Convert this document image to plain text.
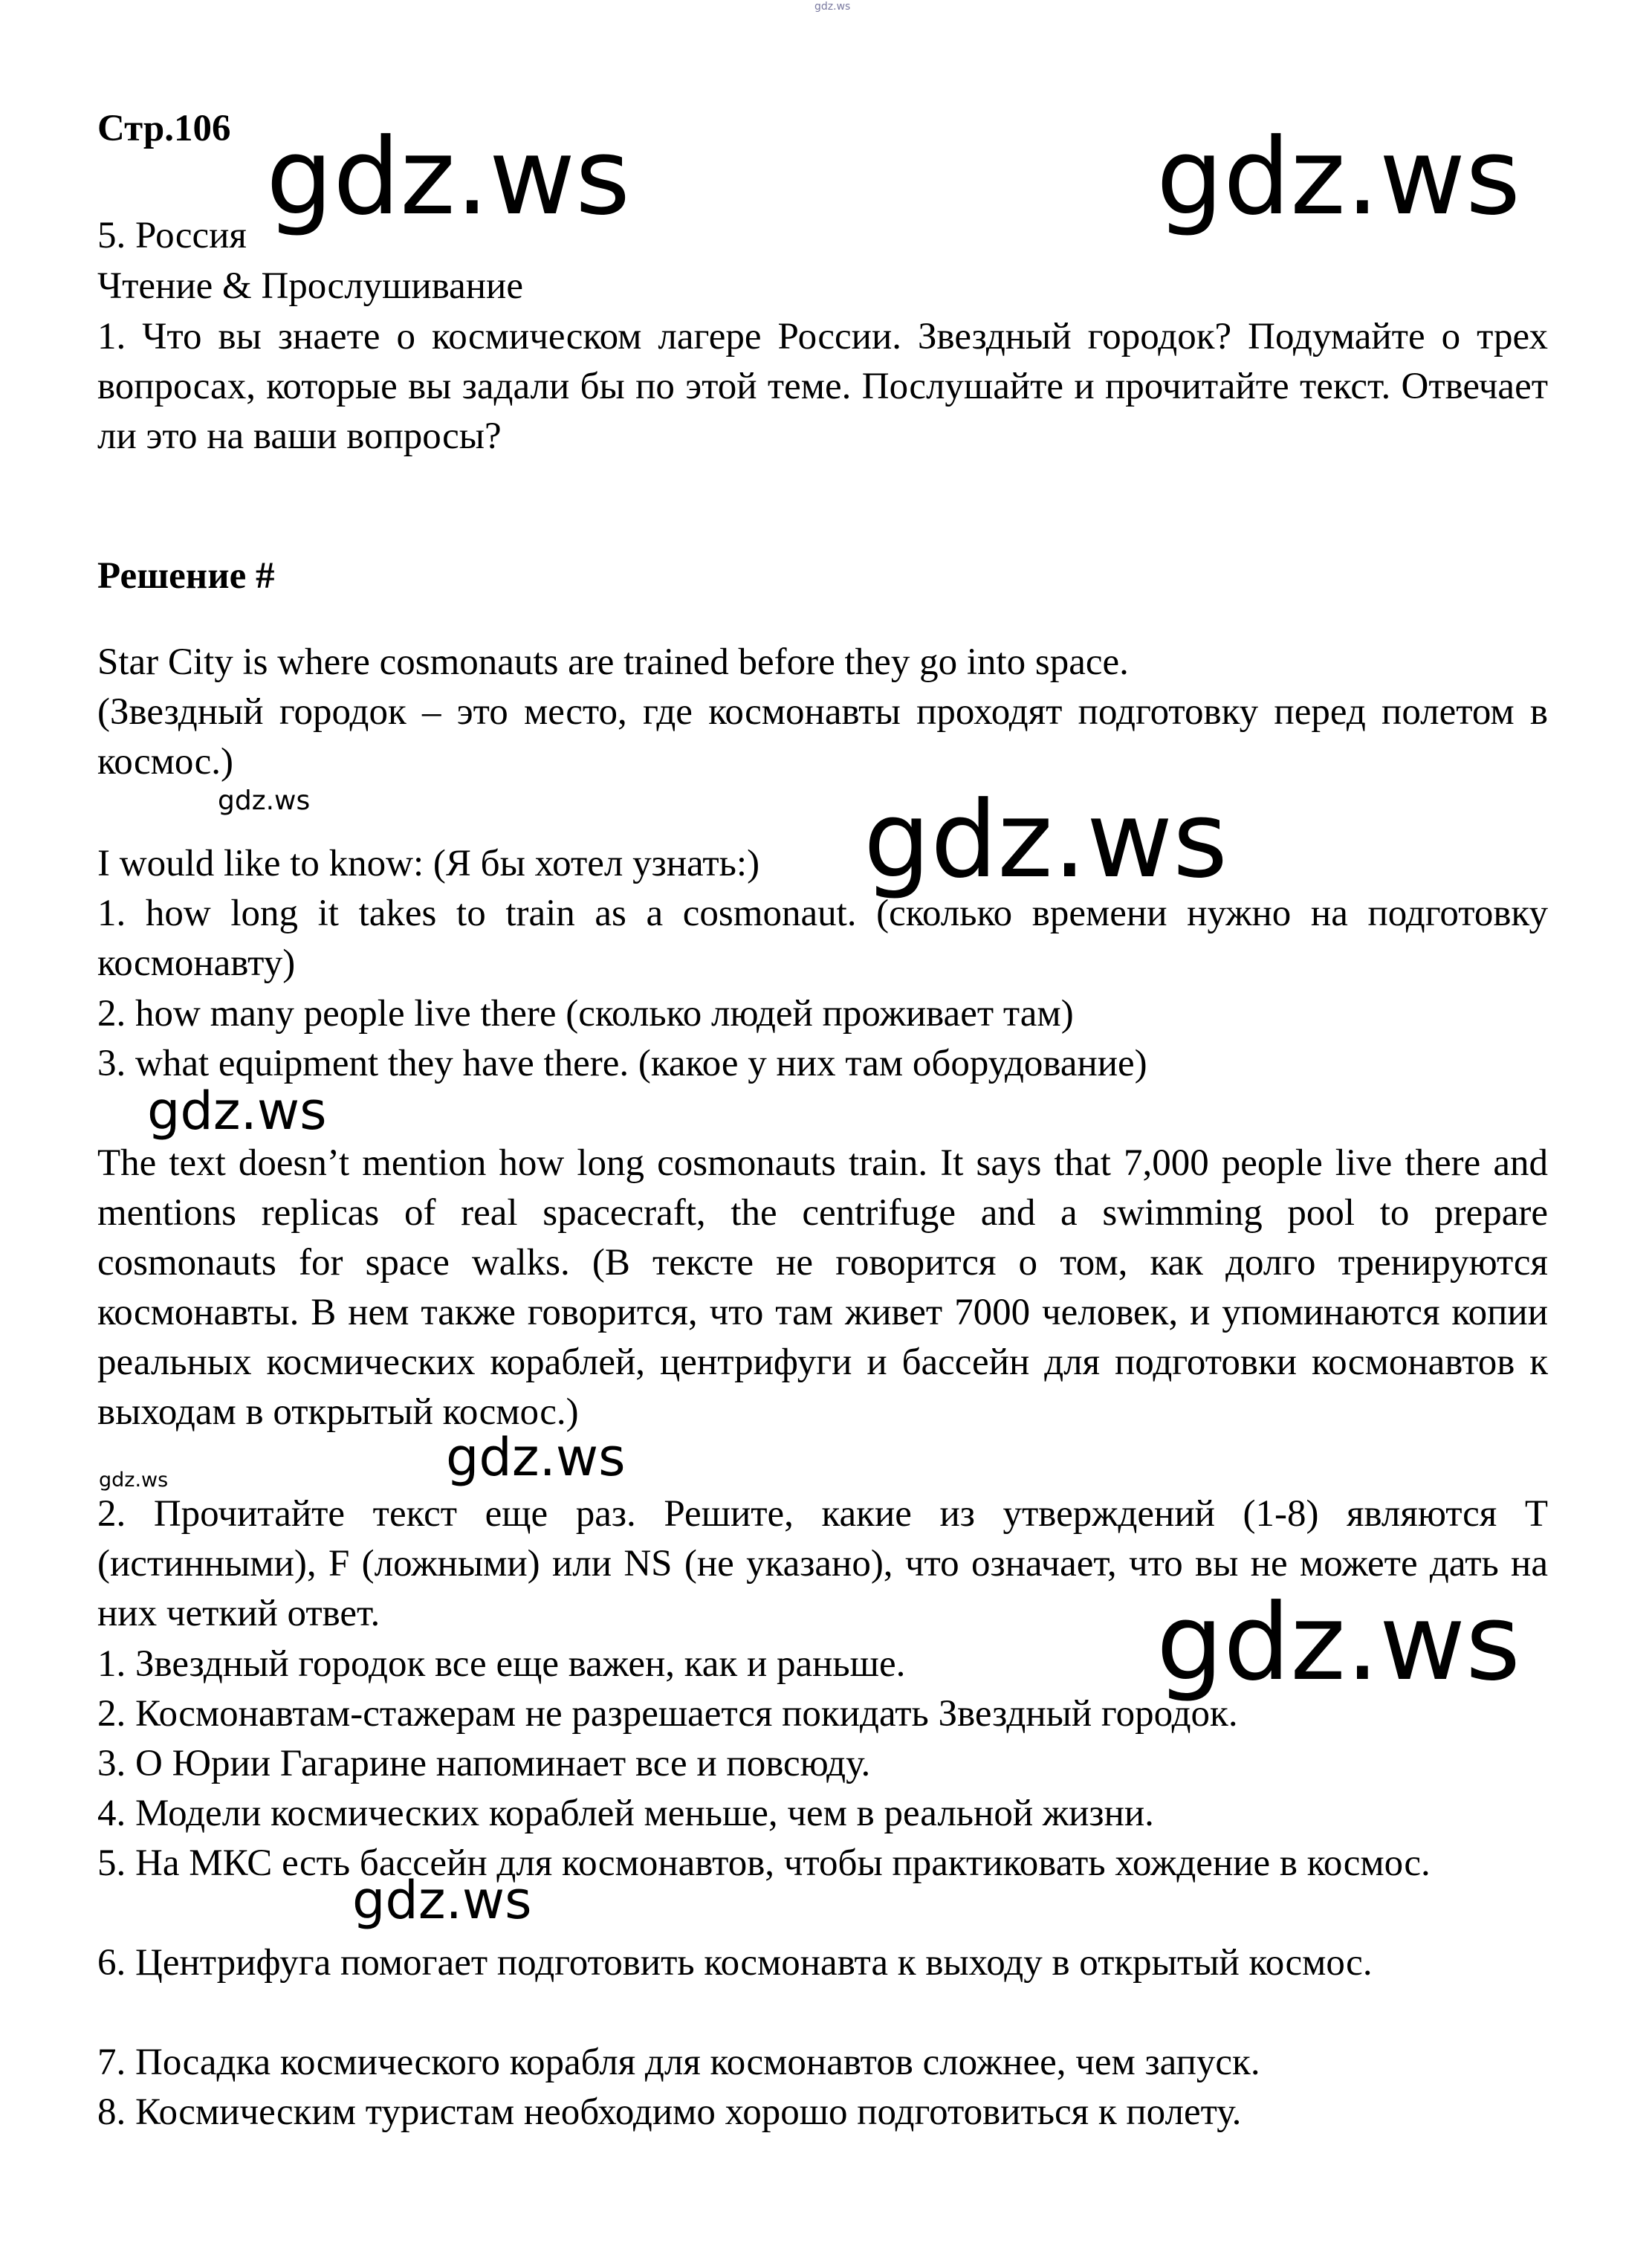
gdz.ws
Стр.106
5. Россия
Чтение & Прослушивание
1. Что вы знаете о космическом лагере России. Звездный городок? Подумайте о трех вопросах, которые вы задали бы по этой теме. Послушайте и прочитайте текст. Отвечает ли это на ваши вопросы?
Решение #
Star City is where cosmonauts are trained before they go into space.
(Звездный городок – это место, где космонавты проходят подготовку перед полетом в космос.)
I would like to know: (Я бы хотел узнать:)
1. how long it takes to train as a cosmonaut. (сколько времени нужно на подготовку космонавту)
2. how many people live there (сколько людей проживает там)
3. what equipment they have there. (какое у них там оборудование)
The text doesn’t mention how long cosmonauts train. It says that 7,000 people live there and mentions replicas of real spacecraft, the centrifuge and a swimming pool to prepare cosmonauts for space walks. (В тексте не говорится о том, как долго тренируются космонавты. В нем также говорится, что там живет 7000 человек, и упоминаются копии реальных космических кораблей, центрифуги и бассейн для подготовки космонавтов к выходам в открытый космос.)
2. Прочитайте текст еще раз. Решите, какие из утверждений (1-8) являются T (истинными), F (ложными) или NS (не указано), что означает, что вы не можете дать на них четкий ответ.
1. Звездный городок все еще важен, как и раньше.
2. Космонавтам-стажерам не разрешается покидать Звездный городок.
3. О Юрии Гагарине напоминает все и повсюду.
4. Модели космических кораблей меньше, чем в реальной жизни.
5. На МКС есть бассейн для космонавтов, чтобы практиковать хождение в космос.
6. Центрифуга помогает подготовить космонавта к выходу в открытый космос.
7. Посадка космического корабля для космонавтов сложнее, чем запуск.
8. Космическим туристам необходимо хорошо подготовиться к полету.
gdz.ws	gdz.ws
gdz.ws	gdz.ws
gdz.ws
gdz.ws	gdz.ws
gdz.ws
gdz.ws
